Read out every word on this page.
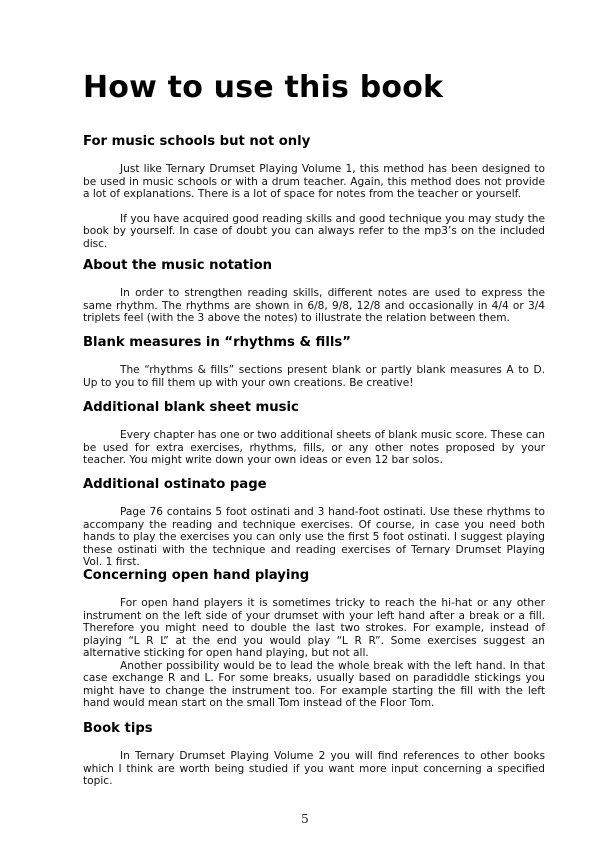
How to use this book
For music schools but not only

Just like Ternary Drumset Playing Volume 1, this method has been designed to be used in music schools or with a drum teacher. Again, this method does not provide a lot of explanations. There is a lot of space for notes from the teacher or yourself.

If you have acquired good reading skills and good technique you may study the book by yourself. In case of doubt you can always refer to the mp3’s on the included disc.

About the music notation

In order to strengthen reading skills, different notes are used to express the same rhythm. The rhythms are shown in 6/8, 9/8, 12/8 and occasionally in 4/4 or 3/4 triplets feel (with the 3 above the notes) to illustrate the relation between them.

Blank measures in “rhythms & fills”

The “rhythms & fills” sections present blank or partly blank measures A to D. Up to you to fill them up with your own creations. Be creative!

Additional blank sheet music

Every chapter has one or two additional sheets of blank music score. These can be used for extra exercises, rhythms, fills, or any other notes proposed by your teacher. You might write down your own ideas or even 12 bar solos.

Additional ostinato page

Page 76 contains 5 foot ostinati and 3 hand-foot ostinati. Use these rhythms to accompany the reading and technique exercises. Of course, in case you need both hands to play the exercises you can only use the first 5 foot ostinati. I suggest playing these ostinati with the technique and reading exercises of Ternary Drumset Playing Vol. 1 first.

Concerning open hand playing

For open hand players it is sometimes tricky to reach the hi-hat or any other instrument on the left side of your drumset with your left hand after a break or a fill. Therefore you might need to double the last two strokes. For example, instead of playing “L R L” at the end you would play “L R R”. Some exercises suggest an alternative sticking for open hand playing, but not all.

Another possibility would be to lead the whole break with the left hand. In that case exchange R and L. For some breaks, usually based on paradiddle stickings you might have to change the instrument too. For example starting the fill with the left hand would mean start on the small Tom instead of the Floor Tom.

Book tips

In Ternary Drumset Playing Volume 2 you will find references to other books which I think are worth being studied if you want more input concerning a specified topic.

5
